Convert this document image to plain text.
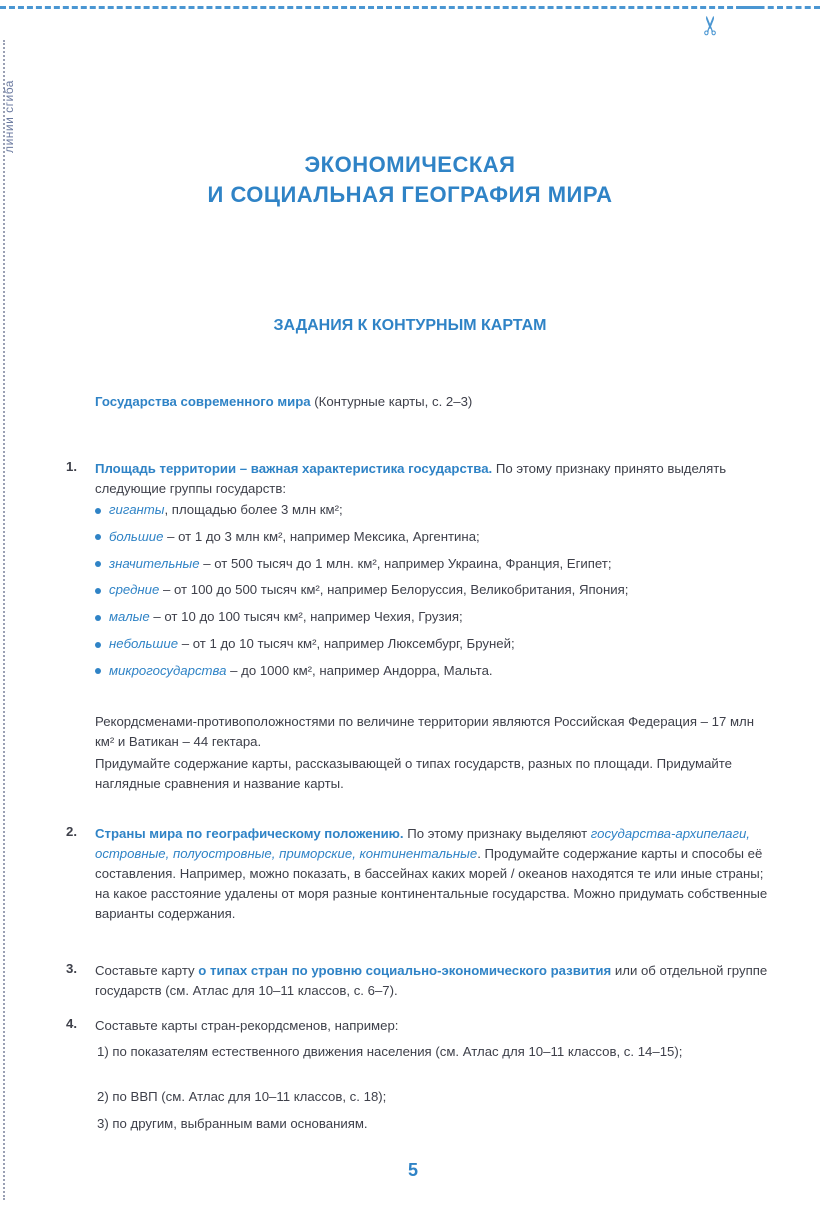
✂
линии сгиба
ЭКОНОМИЧЕСКАЯ
И СОЦИАЛЬНАЯ ГЕОГРАФИЯ МИРА
ЗАДАНИЯ К КОНТУРНЫМ КАРТАМ
Государства современного мира (Контурные карты, с. 2–3)
1. Площадь территории – важная характеристика государства. По этому признаку принято выделять следующие группы государств:
гиганты, площадью более 3 млн км²;
большие – от 1 до 3 млн км², например Мексика, Аргентина;
значительные – от 500 тысяч до 1 млн. км², например Украина, Франция, Египет;
средние – от 100 до 500 тысяч км², например Белоруссия, Великобритания, Япония;
малые – от 10 до 100 тысяч км², например Чехия, Грузия;
небольшие – от 1 до 10 тысяч км², например Люксембург, Бруней;
микрогосударства – до 1000 км², например Андорра, Мальта.
Рекордсменами-противоположностями по величине территории являются Российская Федерация – 17 млн км² и Ватикан – 44 гектара.
Придумайте содержание карты, рассказывающей о типах государств, разных по площади. Придумайте наглядные сравнения и название карты.
2. Страны мира по географическому положению. По этому признаку выделяют государства-архипелаги, островные, полуостровные, приморские, континентальные. Продумайте содержание карты и способы её составления. Например, можно показать, в бассейнах каких морей / океанов находятся те или иные страны; на какое расстояние удалены от моря разные континентальные государства. Можно придумать собственные варианты содержания.
3. Составьте карту о типах стран по уровню социально-экономического развития или об отдельной группе государств (см. Атлас для 10–11 классов, с. 6–7).
4. Составьте карты стран-рекордсменов, например:
1) по показателям естественного движения населения (см. Атлас для 10–11 классов, с. 14–15);
2) по ВВП (см. Атлас для 10–11 классов, с. 18);
3) по другим, выбранным вами основаниям.
5
